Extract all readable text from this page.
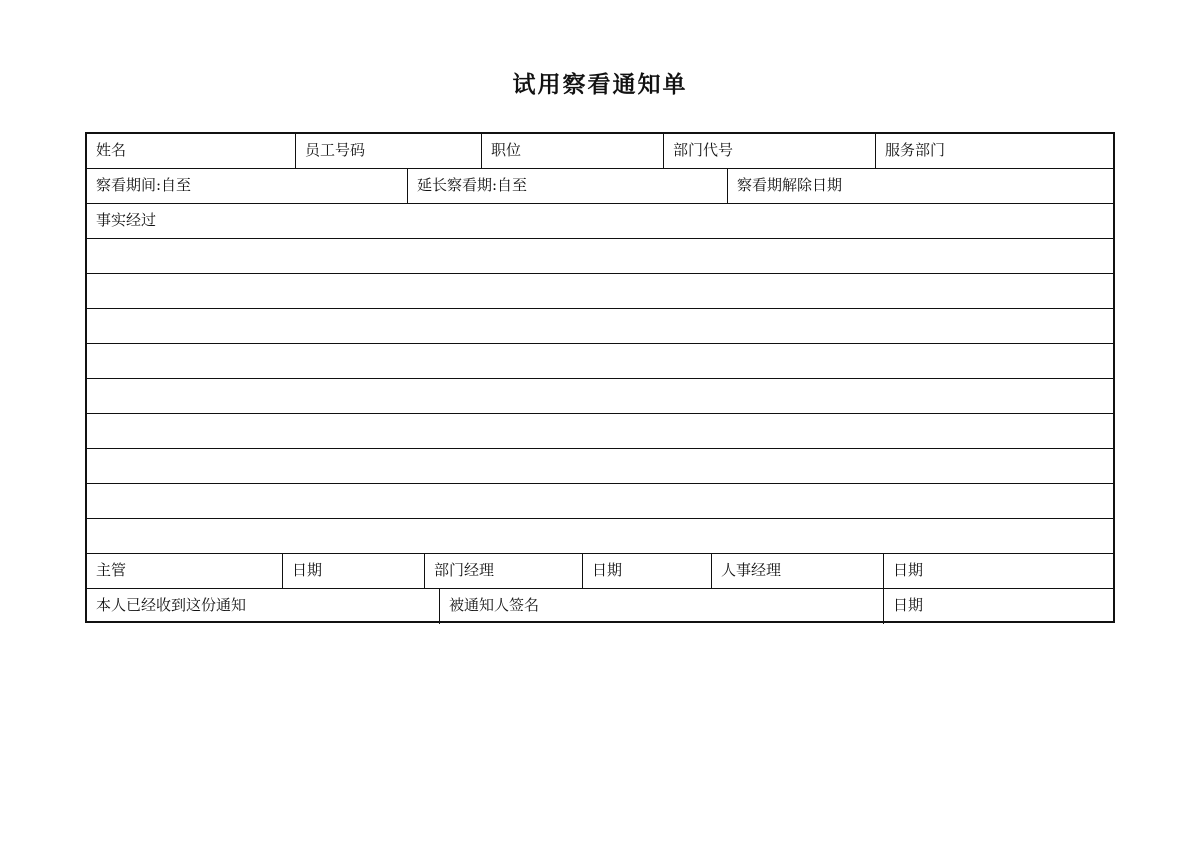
试用察看通知单
姓名	员工号码	职位	部门代号	服务部门
察看期间:自至	延长察看期:自至	察看期解除日期
事实经过
主管	日期	部门经理	日期	人事经理	日期
本人已经收到这份通知	被通知人签名	日期
